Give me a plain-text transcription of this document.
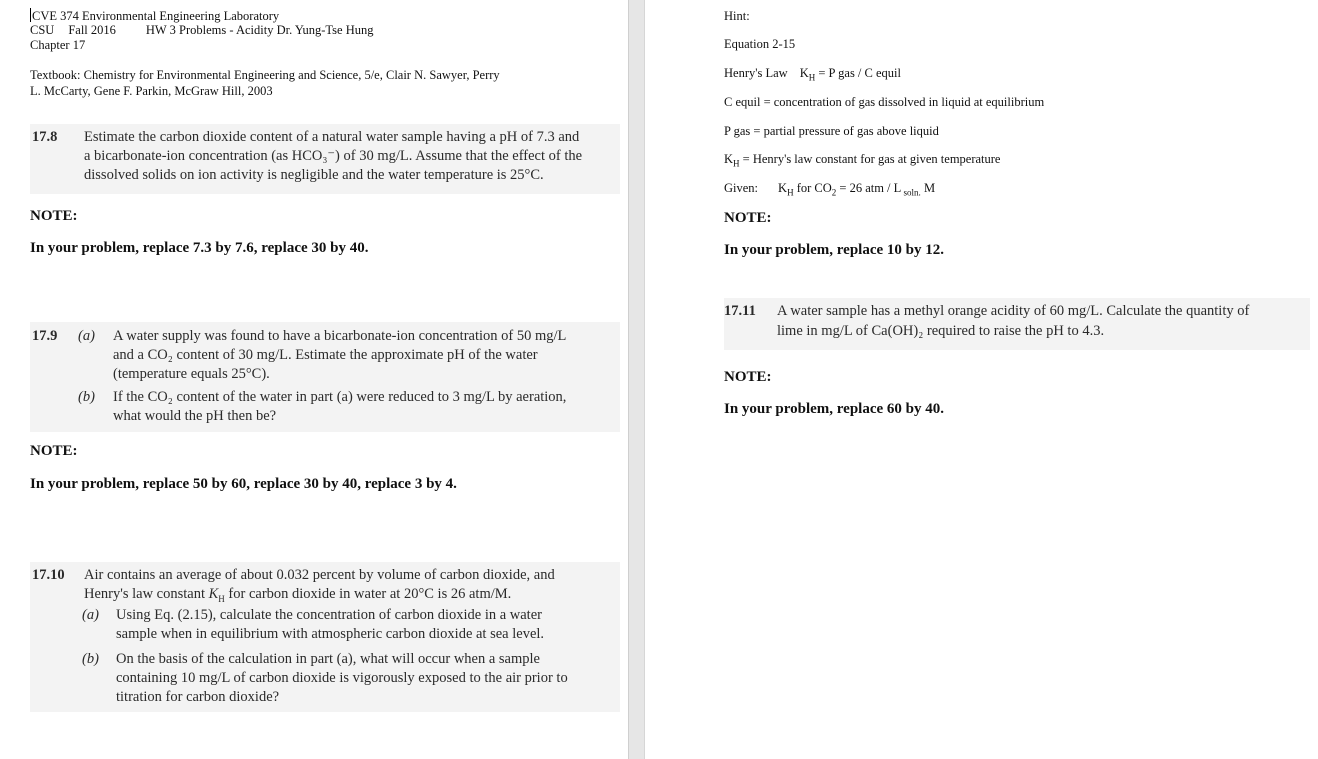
CVE 374 Environmental Engineering Laboratory
CSU Fall 2016 HW 3 Problems - Acidity Dr. Yung-Tse Hung
Chapter 17
Textbook: Chemistry for Environmental Engineering and Science, 5/e, Clair N. Sawyer, Perry
L. McCarty, Gene F. Parkin, McGraw Hill, 2003
17.8 Estimate the carbon dioxide content of a natural water sample having a pH of 7.3 and
a bicarbonate-ion concentration (as HCO₃⁻) of 30 mg/L. Assume that the effect of the
dissolved solids on ion activity is negligible and the water temperature is 25°C.
NOTE:
In your problem, replace 7.3 by 7.6, replace 30 by 40.
17.9 (a) A water supply was found to have a bicarbonate-ion concentration of 50 mg/L
and a CO₂ content of 30 mg/L. Estimate the approximate pH of the water
(temperature equals 25°C).
(b) If the CO₂ content of the water in part (a) were reduced to 3 mg/L by aeration,
what would the pH then be?
NOTE:
In your problem, replace 50 by 60, replace 30 by 40, replace 3 by 4.
17.10 Air contains an average of about 0.032 percent by volume of carbon dioxide, and
Henry's law constant $K_H$ for carbon dioxide in water at 20°C is 26 atm/M.
(a) Using Eq. (2.15), calculate the concentration of carbon dioxide in a water
sample when in equilibrium with atmospheric carbon dioxide at sea level.
(b) On the basis of the calculation in part (a), what will occur when a sample
containing 10 mg/L of carbon dioxide is vigorously exposed to the air prior to
titration for carbon dioxide?
Hint:
Equation 2-15
Henry's Law $K_H = P$ gas / C equil
C equil = concentration of gas dissolved in liquid at equilibrium
P gas = partial pressure of gas above liquid
$K_H$ = Henry's law constant for gas at given temperature
Given: $K_H$ for $CO_2 = 26$ atm / L $_{soln.}$ M
NOTE:
In your problem, replace 10 by 12.
17.11 A water sample has a methyl orange acidity of 60 mg/L. Calculate the quantity of
lime in mg/L of Ca(OH)₂ required to raise the pH to 4.3.
NOTE:
In your problem, replace 60 by 40.
